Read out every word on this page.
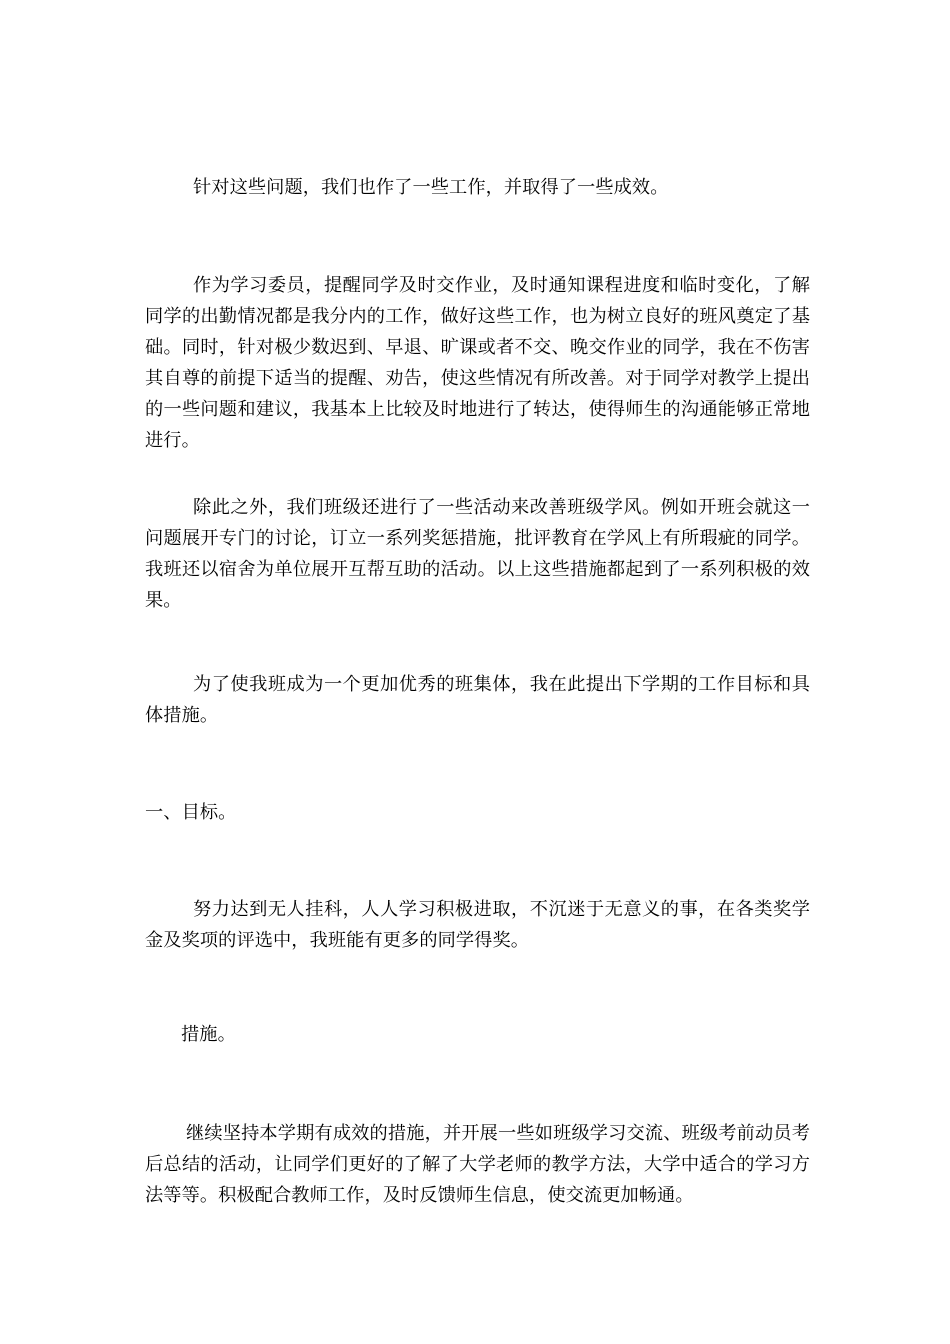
针对这些问题，我们也作了一些工作，并取得了一些成效。

作为学习委员，提醒同学及时交作业，及时通知课程进度和临时变化，了解同学的出勤情况都是我分内的工作，做好这些工作，也为树立良好的班风奠定了基础。同时，针对极少数迟到、早退、旷课或者不交、晚交作业的同学，我在不伤害其自尊的前提下适当的提醒、劝告，使这些情况有所改善。对于同学对教学上提出的一些问题和建议，我基本上比较及时地进行了转达，使得师生的沟通能够正常地进行。

除此之外，我们班级还进行了一些活动来改善班级学风。例如开班会就这一问题展开专门的讨论，订立一系列奖惩措施，批评教育在学风上有所瑕疵的同学。我班还以宿舍为单位展开互帮互助的活动。以上这些措施都起到了一系列积极的效果。

为了使我班成为一个更加优秀的班集体，我在此提出下学期的工作目标和具体措施。

一、目标。

努力达到无人挂科，人人学习积极进取，不沉迷于无意义的事，在各类奖学金及奖项的评选中，我班能有更多的同学得奖。

措施。

继续坚持本学期有成效的措施，并开展一些如班级学习交流、班级考前动员考后总结的活动，让同学们更好的了解了大学老师的教学方法，大学中适合的学习方法等等。积极配合教师工作，及时反馈师生信息，使交流更加畅通。
